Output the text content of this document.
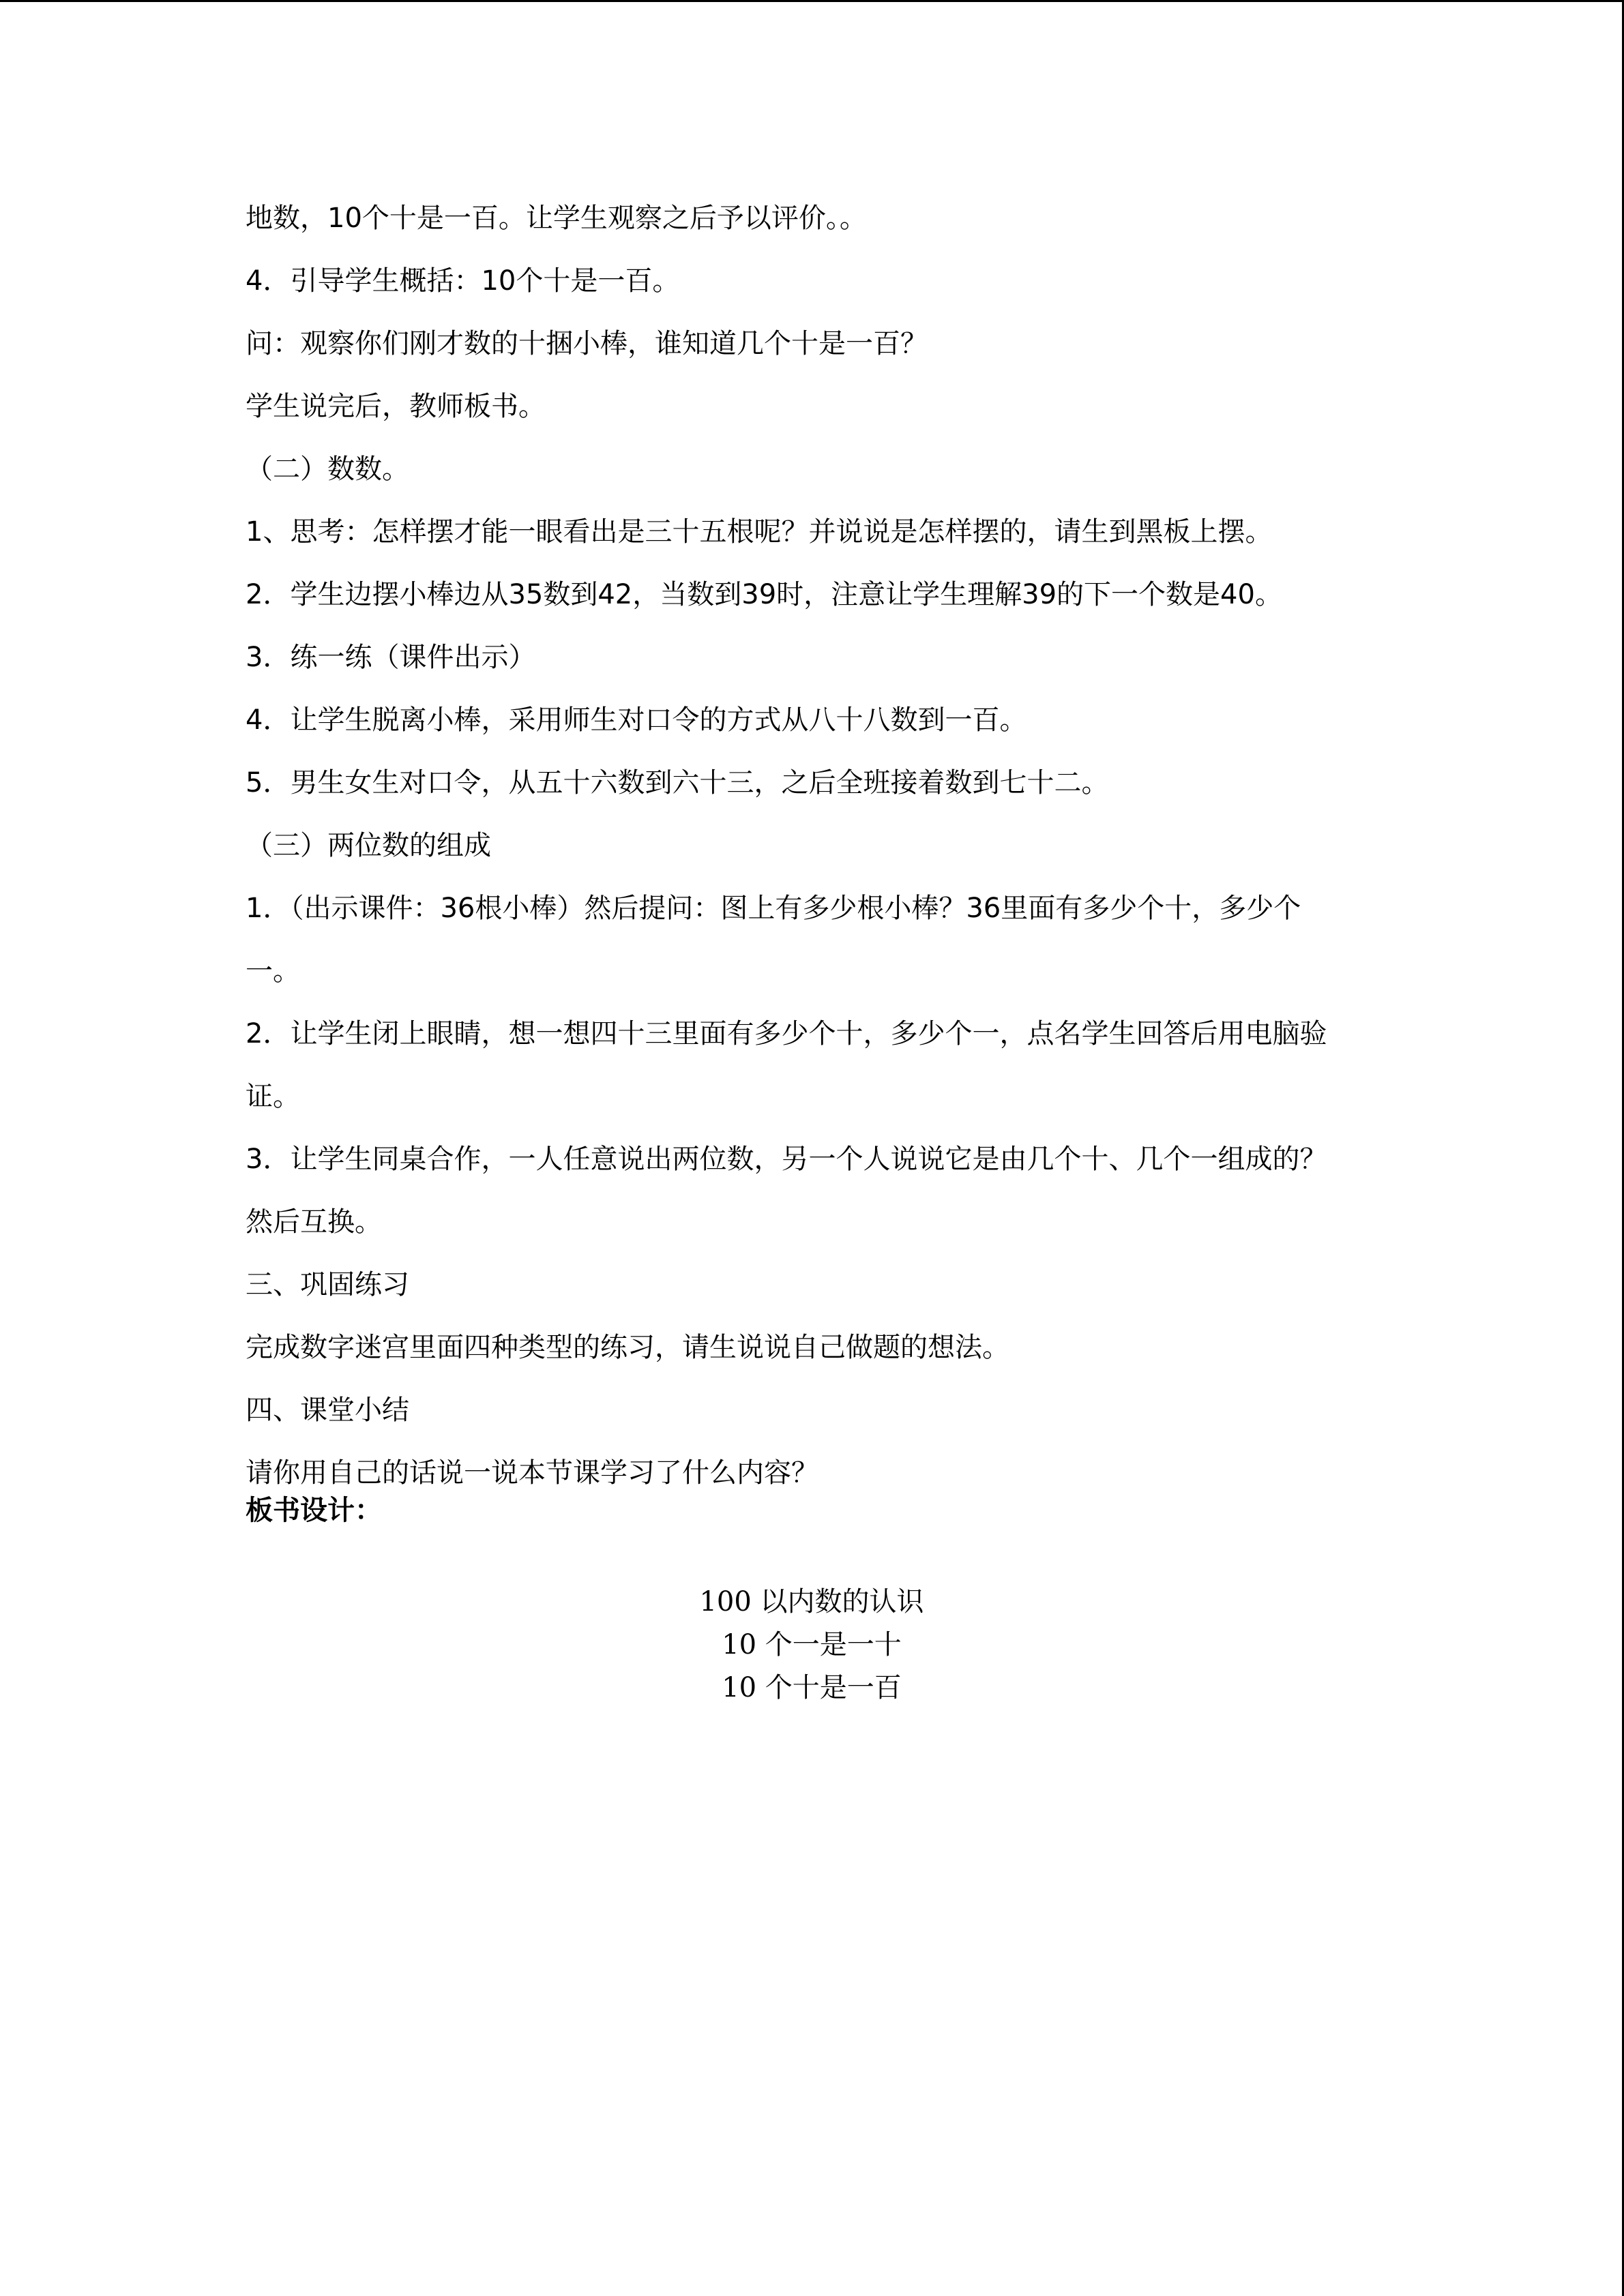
地数，10个十是一百。让学生观察之后予以评价。。
4．引导学生概括：10个十是一百。
问：观察你们刚才数的十捆小棒，谁知道几个十是一百？
学生说完后，教师板书。
（二）数数。
1、思考：怎样摆才能一眼看出是三十五根呢？并说说是怎样摆的，请生到黑板上摆。
2．学生边摆小棒边从35数到42，当数到39时，注意让学生理解39的下一个数是40。
3．练一练（课件出示）
4．让学生脱离小棒，采用师生对口令的方式从八十八数到一百。
5．男生女生对口令，从五十六数到六十三，之后全班接着数到七十二。
（三）两位数的组成
1．（出示课件：36根小棒）然后提问：图上有多少根小棒？36里面有多少个十，多少个
一。
2．让学生闭上眼睛，想一想四十三里面有多少个十，多少个一，点名学生回答后用电脑验
证。
3．让学生同桌合作，一人任意说出两位数，另一个人说说它是由几个十、几个一组成的？
然后互换。
三、巩固练习
完成数字迷宫里面四种类型的练习，请生说说自己做题的想法。
四、课堂小结
请你用自己的话说一说本节课学习了什么内容？
板书设计：
100 以内数的认识
10 个一是一十
10 个十是一百
